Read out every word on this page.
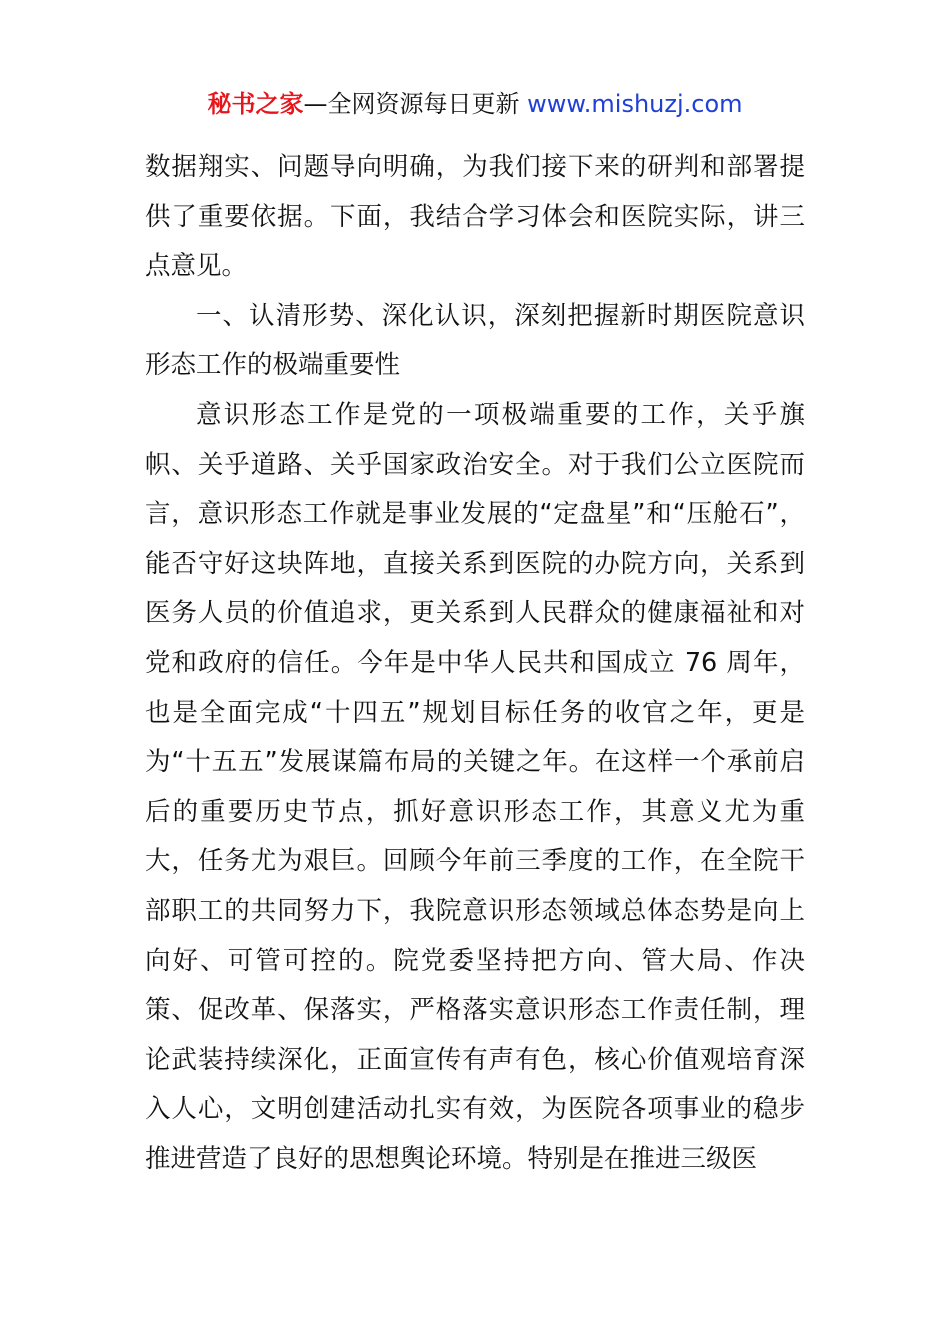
秘书之家—全网资源每日更新 www.mishuzj.com

数据翔实、问题导向明确，为我们接下来的研判和部署提供了重要依据。下面，我结合学习体会和医院实际，讲三点意见。

一、认清形势、深化认识，深刻把握新时期医院意识形态工作的极端重要性

意识形态工作是党的一项极端重要的工作，关乎旗帜、关乎道路、关乎国家政治安全。对于我们公立医院而言，意识形态工作就是事业发展的“定盘星”和“压舱石”，能否守好这块阵地，直接关系到医院的办院方向，关系到医务人员的价值追求，更关系到人民群众的健康福祉和对党和政府的信任。今年是中华人民共和国成立 76 周年，也是全面完成“十四五”规划目标任务的收官之年，更是为“十五五”发展谋篇布局的关键之年。在这样一个承前启后的重要历史节点，抓好意识形态工作，其意义尤为重大，任务尤为艰巨。回顾今年前三季度的工作，在全院干部职工的共同努力下，我院意识形态领域总体态势是向上向好、可管可控的。院党委坚持把方向、管大局、作决策、促改革、保落实，严格落实意识形态工作责任制，理论武装持续深化，正面宣传有声有色，核心价值观培育深入人心，文明创建活动扎实有效，为医院各项事业的稳步推进营造了良好的思想舆论环境。特别是在推进三级医
